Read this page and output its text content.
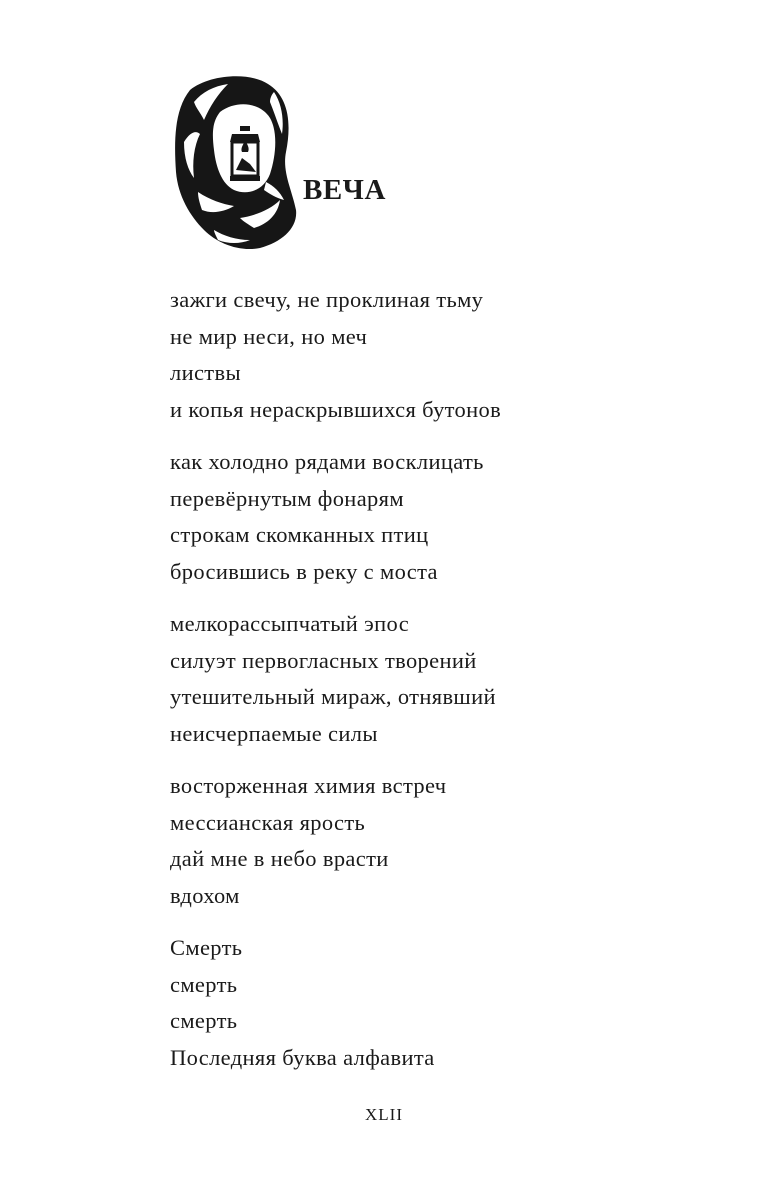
ВЕЧА
зажги свечу, не проклиная тьму
не мир неси, но меч
листвы
и копья нераскрывшихся бутонов
как холодно рядами восклицать
перевёрнутым фонарям
строкам скомканных птиц
бросившись в реку с моста
мелкорассыпчатый эпос
силуэт первогласных творений
утешительный мираж, отнявший
неисчерпаемые силы
восторженная химия встреч
мессианская ярость
дай мне в небо врасти
вдохом
Смерть
смерть
смерть
Последняя буква алфавита
XLII
